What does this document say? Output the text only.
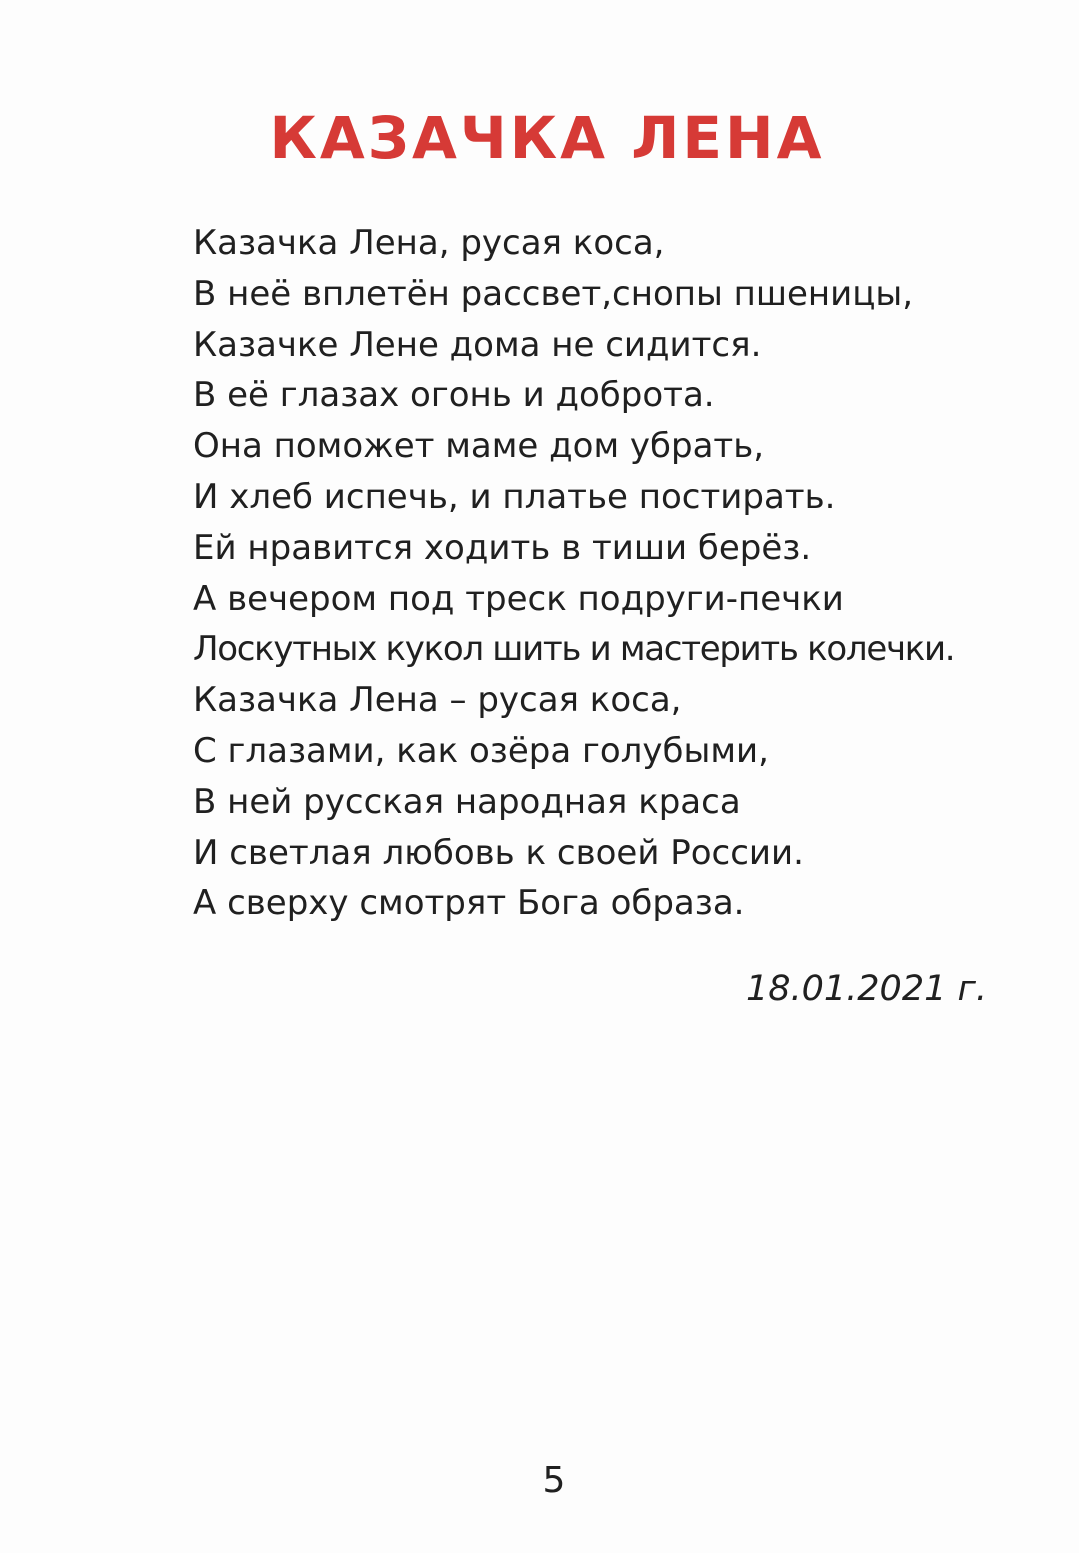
КАЗАЧКА ЛЕНА
Казачка Лена, русая коса,
В неё вплетён рассвет,снопы пшеницы,
Казачке Лене дома не сидится.
В её глазах огонь и доброта.
Она поможет маме дом убрать,
И хлеб испечь, и платье постирать.
Ей нравится ходить в тиши берёз.
А вечером под треск подруги-печки
Лоскутных кукол шить и мастерить колечки.
Казачка Лена – русая коса,
С глазами, как озёра голубыми,
В ней русская народная краса
И светлая любовь к своей России.
А сверху смотрят Бога образа.

18.01.2021 г.

5
